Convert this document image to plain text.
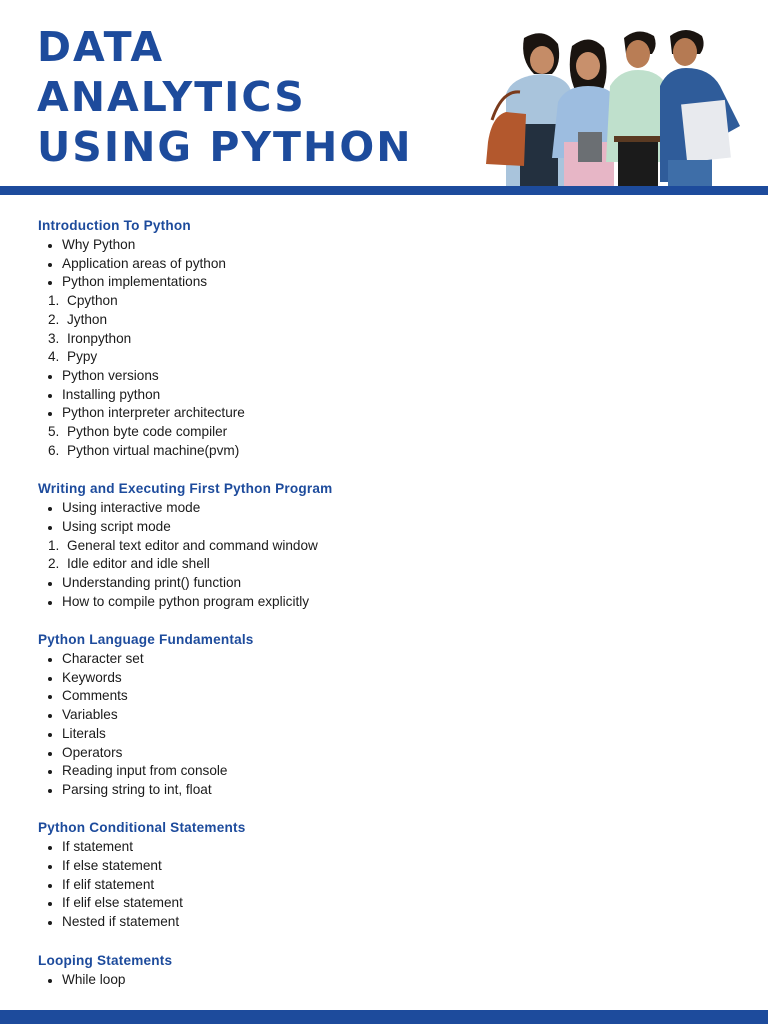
DATA
ANALYTICS
USING PYTHON
Introduction To Python
Why Python
Application areas of python
Python implementations
1. Cpython
2. Jython
3. Ironpython
4. Pypy
Python versions
Installing python
Python interpreter architecture
5. Python byte code compiler
6. Python virtual machine(pvm)
Writing and Executing First Python Program
Using interactive mode
Using script mode
1. General text editor and command window
2. Idle editor and idle shell
Understanding print() function
How to compile python program explicitly
Python Language Fundamentals
Character set
Keywords
Comments
Variables
Literals
Operators
Reading input from console
Parsing string to int, float
Python Conditional Statements
If statement
If else statement
If elif statement
If elif else statement
Nested if statement
Looping Statements
While loop
